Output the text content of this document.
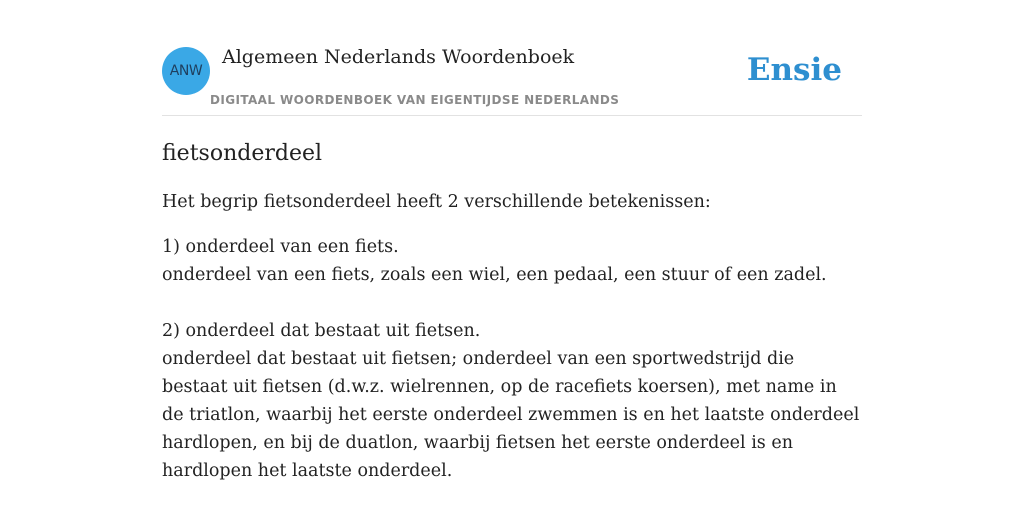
ANW
Algemeen Nederlands Woordenboek
DIGITAAL WOORDENBOEK VAN EIGENTIJDSE NEDERLANDS
Ensie
fietsonderdeel

Het begrip fietsonderdeel heeft 2 verschillende betekenissen:

1) onderdeel van een fiets.
onderdeel van een fiets, zoals een wiel, een pedaal, een stuur of een zadel.

2) onderdeel dat bestaat uit fietsen.
onderdeel dat bestaat uit fietsen; onderdeel van een sportwedstrijd die bestaat uit fietsen (d.w.z. wielrennen, op de racefiets koersen), met name in de triatlon, waarbij het eerste onderdeel zwemmen is en het laatste onderdeel hardlopen, en bij de duatlon, waarbij fietsen het eerste onderdeel is en hardlopen het laatste onderdeel.
